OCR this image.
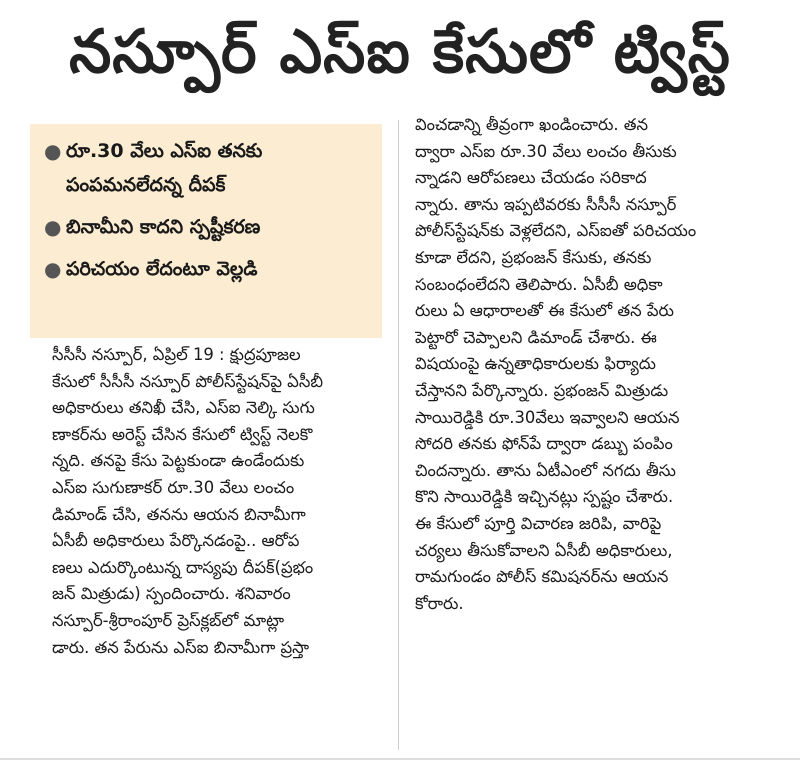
నస్పూర్ ఎస్ఐ కేసులో ట్విస్ట్
● రూ.30 వేలు ఎస్ఐ తనకు పంపమనలేదన్న దీపక్
● బినామీని కాదని స్పష్టీకరణ
● పరిచయం లేదంటూ వెల్లడి
సీసీసీ నస్పూర్, ఏప్రిల్ 19 : క్షుద్రపూజల
కేసులో సీసీసీ నస్పూర్ పోలీస్‌స్టేషన్‌పై ఏసీబీ
అధికారులు తనిఖీ చేసి, ఎస్ఐ నెల్కి సుగు
ణాకర్‌ను అరెస్ట్ చేసిన కేసులో ట్విస్ట్ నెలకొ
న్నది. తనపై కేసు పెట్టకుండా ఉండేందుకు
ఎస్ఐ సుగుణాకర్ రూ.30 వేలు లంచం
డిమాండ్ చేసి, తనను ఆయన బినామీగా
ఏసీబీ అధికారులు పేర్కొనడంపై.. ఆరోప
ణలు ఎదుర్కొంటున్న దాస్యపు దీపక్(ప్రభం
జన్ మిత్రుడు) స్పందించారు. శనివారం
నస్పూర్-శ్రీరాంపూర్ ప్రెస్‌క్లబ్‌లో మాట్లా
డారు. తన పేరును ఎస్ఐ బినామీగా ప్రస్తా
వించడాన్ని తీవ్రంగా ఖండించారు. తన
ద్వారా ఎస్ఐ రూ.30 వేలు లంచం తీసుకు
న్నాడని ఆరోపణలు చేయడం సరికాద
న్నారు. తాను ఇప్పటివరకు సీసీసీ నస్పూర్
పోలీస్‌స్టేషన్‌కు వెళ్లలేదని, ఎస్ఐతో పరిచయం
కూడా లేదని, ప్రభంజన్ కేసుకు, తనకు
సంబంధంలేదని తెలిపారు. ఏసీబీ అధికా
రులు ఏ ఆధారాలతో ఈ కేసులో తన పేరు
పెట్టారో చెప్పాలని డిమాండ్ చేశారు. ఈ
విషయంపై ఉన్నతాధికారులకు ఫిర్యాదు
చేస్తానని పేర్కొన్నారు. ప్రభంజన్ మిత్రుడు
సాయిరెడ్డికి రూ.30వేలు ఇవ్వాలని ఆయన
సోదరి తనకు ఫోన్‌పే ద్వారా డబ్బు పంపిం
చిందన్నారు. తాను ఏటీఎంలో నగదు తీసు
కొని సాయిరెడ్డికి ఇచ్చినట్లు స్పష్టం చేశారు.
ఈ కేసులో పూర్తి విచారణ జరిపి, వారిపై
చర్యలు తీసుకోవాలని ఏసీబీ అధికారులు,
రామగుండం పోలీస్ కమిషనర్‌ను ఆయన
కోరారు.
